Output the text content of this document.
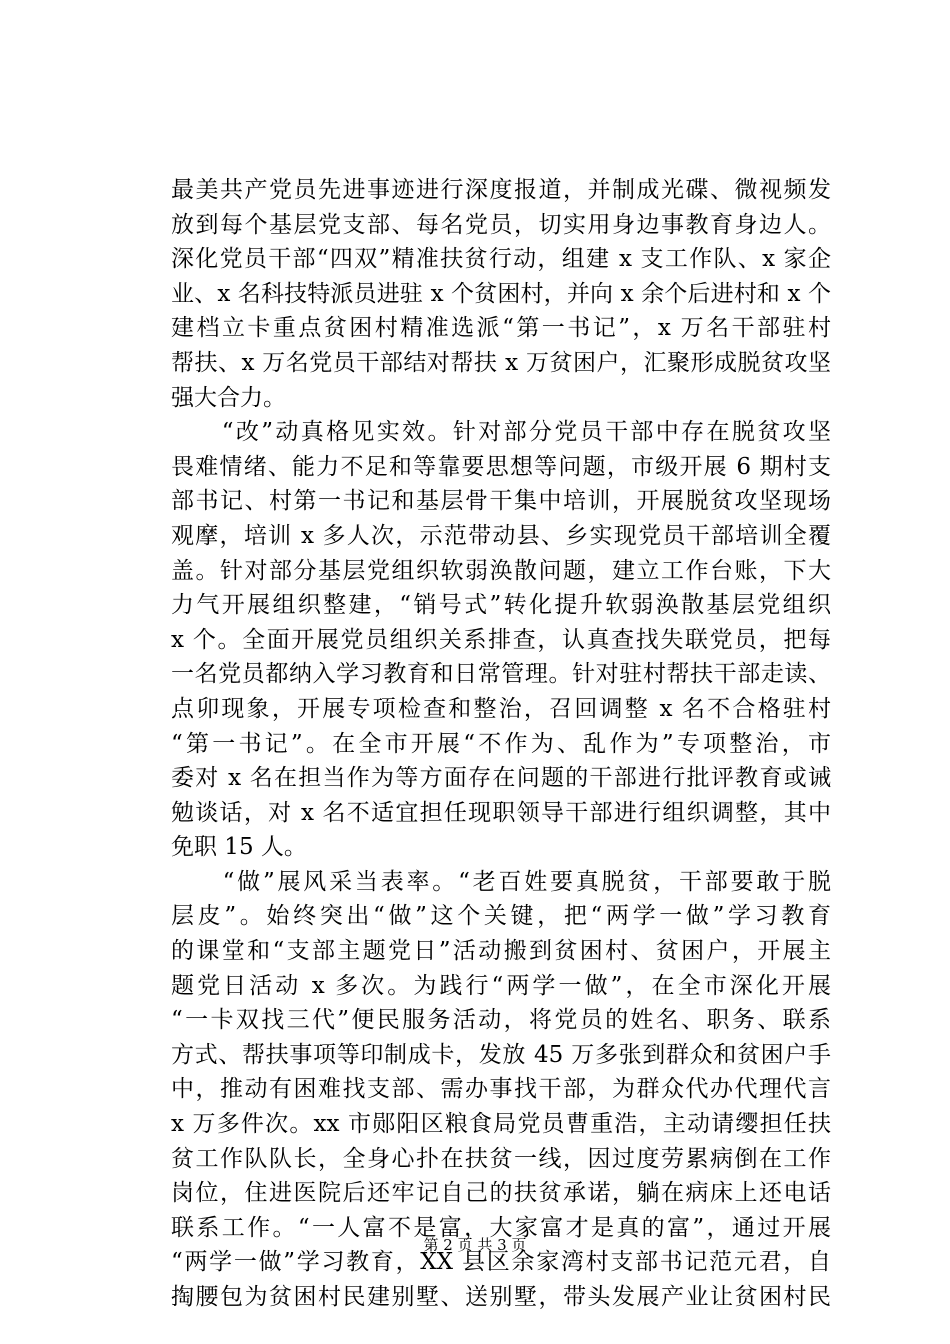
最美共产党员先进事迹进行深度报道，并制成光碟、微视频发
放到每个基层党支部、每名党员，切实用身边事教育身边人。
深化党员干部“四双”精准扶贫行动，组建 x 支工作队、x 家企
业、x 名科技特派员进驻 x 个贫困村，并向 x 余个后进村和 x 个
建档立卡重点贫困村精准选派“第一书记”，x 万名干部驻村
帮扶、x 万名党员干部结对帮扶 x 万贫困户，汇聚形成脱贫攻坚
强大合力。
　　“改”动真格见实效。针对部分党员干部中存在脱贫攻坚
畏难情绪、能力不足和等靠要思想等问题，市级开展 6 期村支
部书记、村第一书记和基层骨干集中培训，开展脱贫攻坚现场
观摩，培训 x 多人次，示范带动县、乡实现党员干部培训全覆
盖。针对部分基层党组织软弱涣散问题，建立工作台账，下大
力气开展组织整建，“销号式”转化提升软弱涣散基层党组织
x 个。全面开展党员组织关系排查，认真查找失联党员，把每
一名党员都纳入学习教育和日常管理。针对驻村帮扶干部走读、
点卯现象，开展专项检查和整治，召回调整 x 名不合格驻村
“第一书记”。在全市开展“不作为、乱作为”专项整治，市
委对 x 名在担当作为等方面存在问题的干部进行批评教育或诫
勉谈话，对 x 名不适宜担任现职领导干部进行组织调整，其中
免职 15 人。
　　“做”展风采当表率。“老百姓要真脱贫，干部要敢于脱
层皮”。始终突出“做”这个关键，把“两学一做”学习教育
的课堂和“支部主题党日”活动搬到贫困村、贫困户，开展主
题党日活动 x 多次。为践行“两学一做”，在全市深化开展
“一卡双找三代”便民服务活动，将党员的姓名、职务、联系
方式、帮扶事项等印制成卡，发放 45 万多张到群众和贫困户手
中，推动有困难找支部、需办事找干部，为群众代办代理代言
x 万多件次。xx 市郧阳区粮食局党员曹重浩，主动请缨担任扶
贫工作队队长，全身心扑在扶贫一线，因过度劳累病倒在工作
岗位，住进医院后还牢记自己的扶贫承诺，躺在病床上还电话
联系工作。“一人富不是富，大家富才是真的富”，通过开展
“两学一做”学习教育，XX 县区余家湾村支部书记范元君，自
掏腰包为贫困村民建别墅、送别墅，带头发展产业让贫困村民
第 2 页 共 3 页
